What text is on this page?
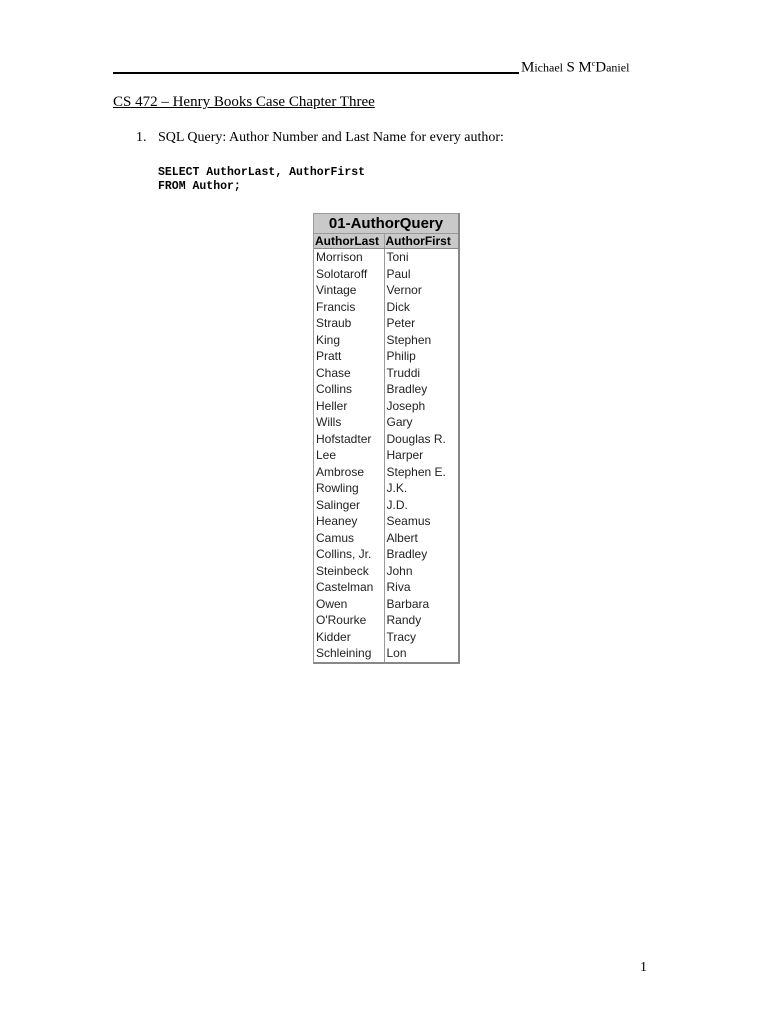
Michael S $M^cDaniel$
CS 472 – Henry Books Case Chapter Three
1. SQL Query: Author Number and Last Name for every author:
SELECT AuthorLast, AuthorFirst
FROM Author;
01-AuthorQuery
AuthorLast	AuthorFirst
Morrison	Toni
Solotaroff	Paul
Vintage	Vernor
Francis	Dick
Straub	Peter
King	Stephen
Pratt	Philip
Chase	Truddi
Collins	Bradley
Heller	Joseph
Wills	Gary
Hofstadter	Douglas R.
Lee	Harper
Ambrose	Stephen E.
Rowling	J.K.
Salinger	J.D.
Heaney	Seamus
Camus	Albert
Collins, Jr.	Bradley
Steinbeck	John
Castelman	Riva
Owen	Barbara
O'Rourke	Randy
Kidder	Tracy
Schleining	Lon
1
